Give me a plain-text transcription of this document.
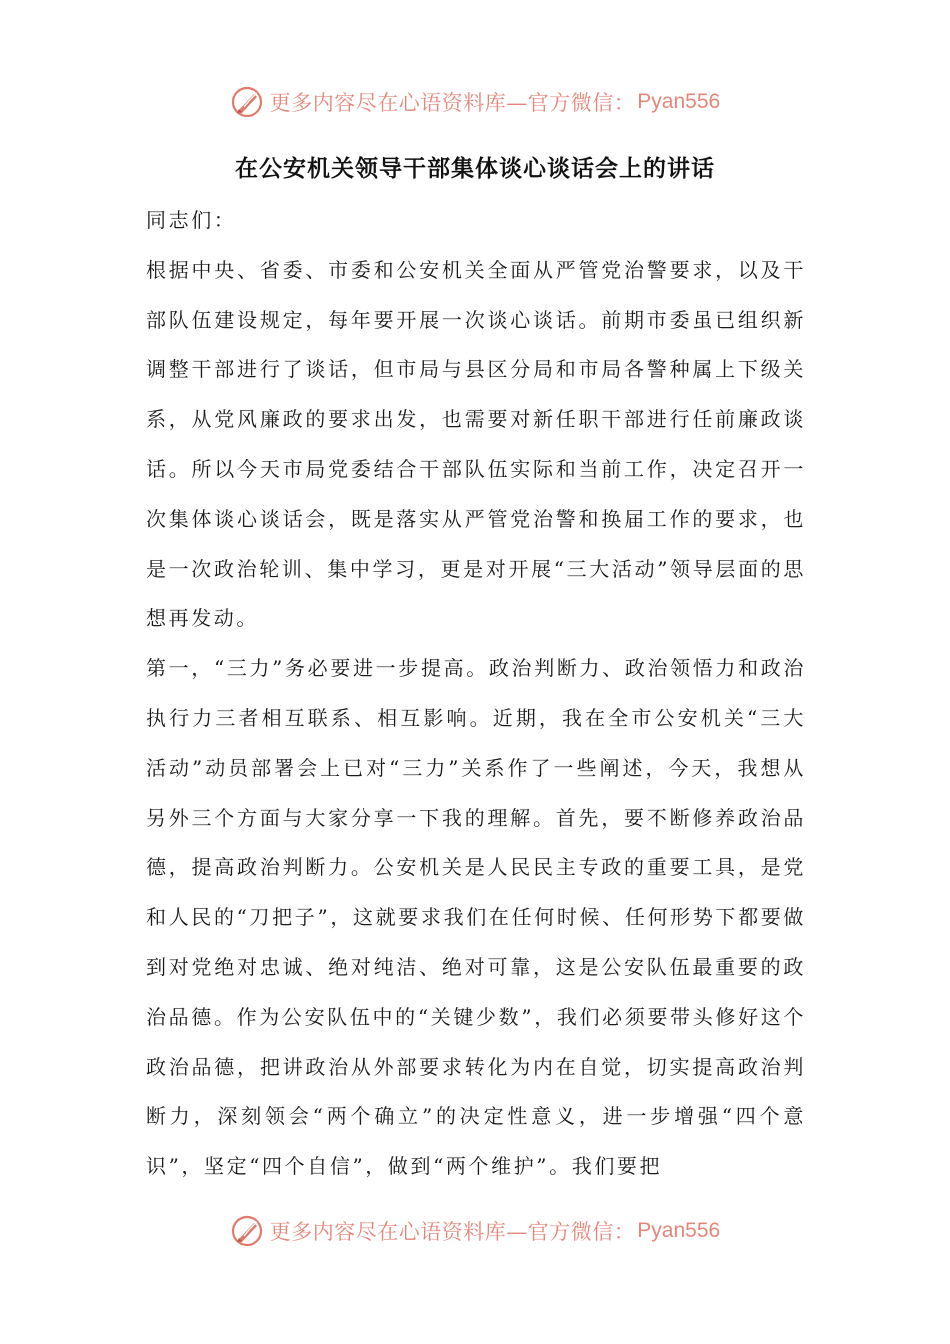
更多内容尽在心语资料库—官方微信： Pyan556
在公安机关领导干部集体谈心谈话会上的讲话

同志们：

根据中央、省委、市委和公安机关全面从严管党治警要求，以及干部队伍建设规定，每年要开展一次谈心谈话。前期市委虽已组织新调整干部进行了谈话，但市局与县区分局和市局各警种属上下级关系，从党风廉政的要求出发，也需要对新任职干部进行任前廉政谈话。所以今天市局党委结合干部队伍实际和当前工作，决定召开一次集体谈心谈话会，既是落实从严管党治警和换届工作的要求，也是一次政治轮训、集中学习，更是对开展“三大活动”领导层面的思想再发动。

第一，“三力”务必要进一步提高。政治判断力、政治领悟力和政治执行力三者相互联系、相互影响。近期，我在全市公安机关“三大活动”动员部署会上已对“三力”关系作了一些阐述，今天，我想从另外三个方面与大家分享一下我的理解。首先，要不断修养政治品德，提高政治判断力。公安机关是人民民主专政的重要工具，是党和人民的“刀把子”，这就要求我们在任何时候、任何形势下都要做到对党绝对忠诚、绝对纯洁、绝对可靠，这是公安队伍最重要的政治品德。作为公安队伍中的“关键少数”，我们必须要带头修好这个政治品德，把讲政治从外部要求转化为内在自觉，切实提高政治判断力，深刻领会“两个确立”的决定性意义，进一步增强“四个意识”，坚定“四个自信”，做到“两个维护”。我们要把

更多内容尽在心语资料库—官方微信： Pyan556
